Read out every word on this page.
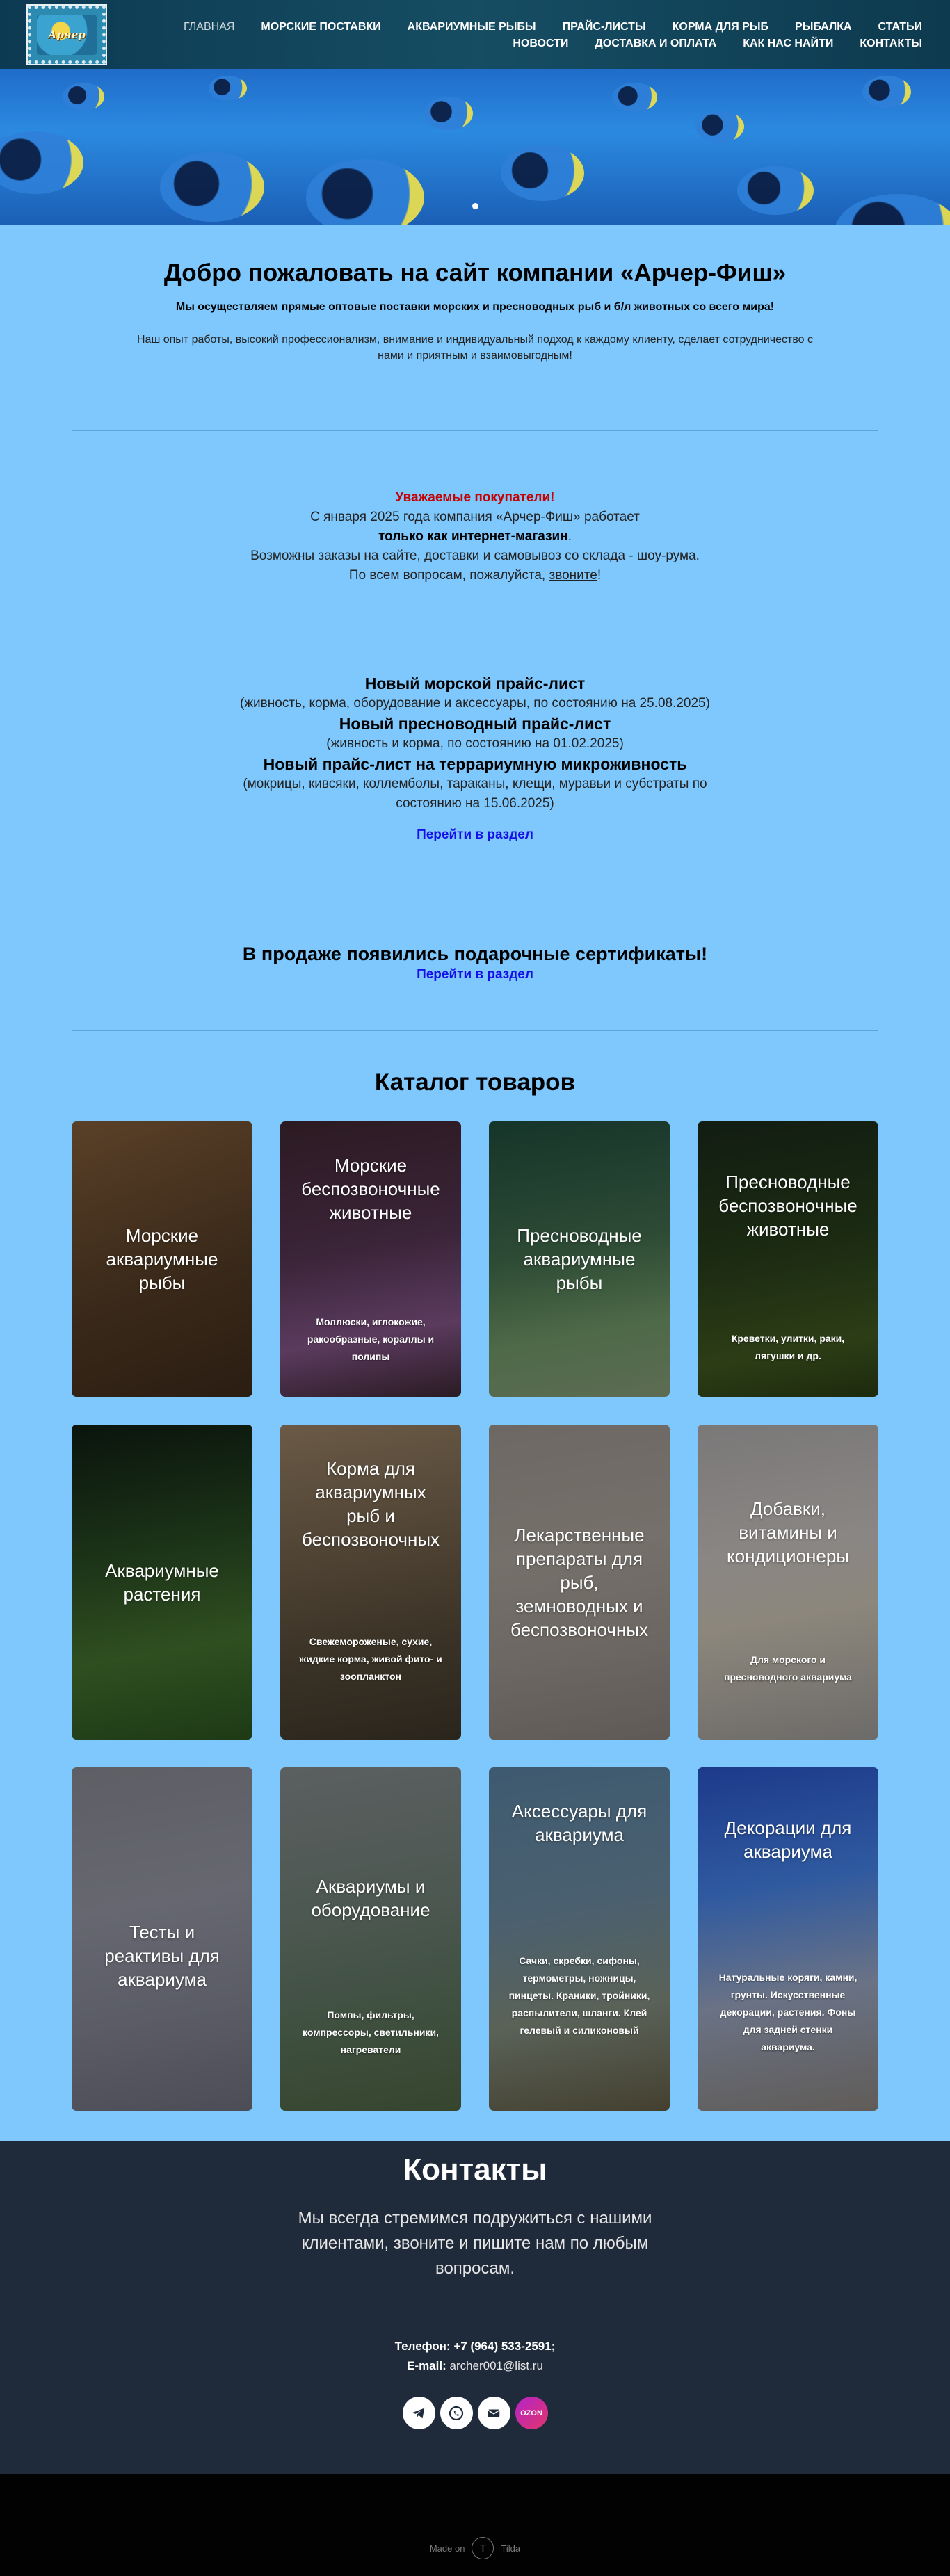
Арчер
ГЛАВНАЯ	МОРСКИЕ ПОСТАВКИ	АКВАРИУМНЫЕ РЫБЫ	ПРАЙС-ЛИСТЫ	КОРМА ДЛЯ РЫБ	РЫБАЛКА	СТАТЬИ
НОВОСТИ	ДОСТАВКА И ОПЛАТА	КАК НАС НАЙТИ	КОНТАКТЫ
Добро пожаловать на сайт компании «Арчер-Фиш»

Мы осуществляем прямые оптовые поставки морских и пресноводных рыб и б/л животных со всего мира!

Наш опыт работы, высокий профессионализм, внимание и индивидуальный подход к каждому клиенту, сделает сотрудничество с нами и приятным и взаимовыгодным!

Уважаемые покупатели!
С января 2025 года компания «Арчер-Фиш» работает
только как интернет-магазин.
Возможны заказы на сайте, доставки и самовывоз со склада - шоу-рума.
По всем вопросам, пожалуйста, звоните!
Новый морской прайс-лист
(живность, корма, оборудование и аксессуары, по состоянию на 25.08.2025)
Новый пресноводный прайс-лист
(живность и корма, по состоянию на 01.02.2025)
Новый прайс-лист на террариумную микроживность
(мокрицы, кивсяки, коллемболы, тараканы, клещи, муравьи и субстраты по состоянию на 15.06.2025)
Перейти в раздел
В продаже появились подарочные сертификаты!
Перейти в раздел
Каталог товаров
Морские аквариумные рыбы
Морские беспозвоночные животные
Моллюски, иглокожие, ракообразные, кораллы и полипы
Пресноводные аквариумные рыбы
Пресноводные беспозвоночные животные
Креветки, улитки, раки, лягушки и др.
Аквариумные растения
Корма для аквариумных рыб и беспозвоночных
Свежемороженые, сухие, жидкие корма, живой фито- и зоопланктон
Лекарственные препараты для рыб, земноводных и беспозвоночных
Добавки, витамины и кондиционеры
Для морского и пресноводного аквариума
Тесты и реактивы для аквариума
Аквариумы и оборудование
Помпы, фильтры, компрессоры, светильники, нагреватели
Аксессуары для аквариума
Сачки, скребки, сифоны, термометры, ножницы, пинцеты. Краники, тройники, распылители, шланги. Клей гелевый и силиконовый
Декорации для аквариума
Натуральные коряги, камни, грунты. Искусственные декорации, растения. Фоны для задней стенки аквариума.
Контакты

Мы всегда стремимся подружиться с нашими клиентами, звоните и пишите нам по любым вопросам.

Телефон: +7 (964) 533-2591;
E-mail: archer001@list.ru
OZON
Made on T Tilda
